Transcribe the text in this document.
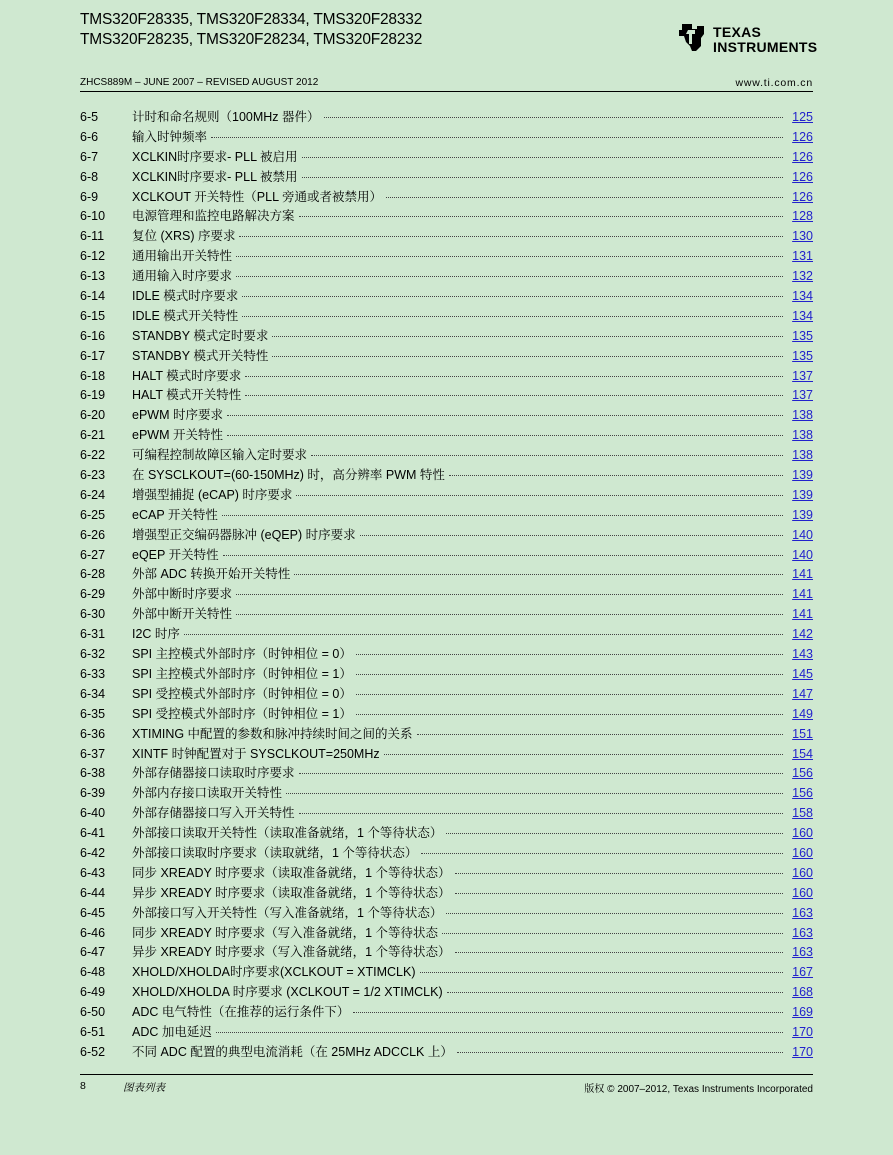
TMS320F28335, TMS320F28334, TMS320F28332
TMS320F28235, TMS320F28234, TMS320F28232	TEXAS
INSTRUMENTS
ZHCS889M – JUNE 2007 – REVISED AUGUST 2012	www.ti.com.cn
6-5	计时和命名规则（100MHz 器件）	125
6-6	输入时钟频率	126
6-7	XCLKIN时序要求- PLL 被启用	126
6-8	XCLKIN时序要求- PLL 被禁用	126
6-9	XCLKOUT 开关特性（PLL 旁通或者被禁用）	126
6-10	电源管理和监控电路解决方案	128
6-11	复位 (XRS) 序要求	130
6-12	通用输出开关特性	131
6-13	通用输入时序要求	132
6-14	IDLE 模式时序要求	134
6-15	IDLE 模式开关特性	134
6-16	STANDBY 模式定时要求	135
6-17	STANDBY 模式开关特性	135
6-18	HALT 模式时序要求	137
6-19	HALT 模式开关特性	137
6-20	ePWM 时序要求	138
6-21	ePWM 开关特性	138
6-22	可编程控制故障区输入定时要求	138
6-23	在 SYSCLKOUT=(60-150MHz) 时，高分辨率 PWM 特性	139
6-24	增强型捕捉 (eCAP) 时序要求	139
6-25	eCAP 开关特性	139
6-26	增强型正交编码器脉冲 (eQEP) 时序要求	140
6-27	eQEP 开关特性	140
6-28	外部 ADC 转换开始开关特性	141
6-29	外部中断时序要求	141
6-30	外部中断开关特性	141
6-31	I2C 时序	142
6-32	SPI 主控模式外部时序（时钟相位 = 0）	143
6-33	SPI 主控模式外部时序（时钟相位 = 1）	145
6-34	SPI 受控模式外部时序（时钟相位 = 0）	147
6-35	SPI 受控模式外部时序（时钟相位 = 1）	149
6-36	XTIMING 中配置的参数和脉冲持续时间之间的关系	151
6-37	XINTF 时钟配置对于 SYSCLKOUT=250MHz	154
6-38	外部存储器接口读取时序要求	156
6-39	外部内存接口读取开关特性	156
6-40	外部存储器接口写入开关特性	158
6-41	外部接口读取开关特性（读取准备就绪，1 个等待状态）	160
6-42	外部接口读取时序要求（读取就绪，1 个等待状态）	160
6-43	同步 XREADY 时序要求（读取准备就绪，1 个等待状态）	160
6-44	异步 XREADY 时序要求（读取准备就绪，1 个等待状态）	160
6-45	外部接口写入开关特性（写入准备就绪，1 个等待状态）	163
6-46	同步 XREADY 时序要求（写入准备就绪，1 个等待状态	163
6-47	异步 XREADY 时序要求（写入准备就绪，1 个等待状态）	163
6-48	XHOLD/XHOLDA时序要求(XCLKOUT = XTIMCLK)	167
6-49	XHOLD/XHOLDA 时序要求 (XCLKOUT = 1/2 XTIMCLK)	168
6-50	ADC 电气特性（在推荐的运行条件下）	169
6-51	ADC 加电延迟	170
6-52	不同 ADC 配置的典型电流消耗（在 25MHz ADCCLK 上）	170
8	图表列表	版权 © 2007–2012, Texas Instruments Incorporated
